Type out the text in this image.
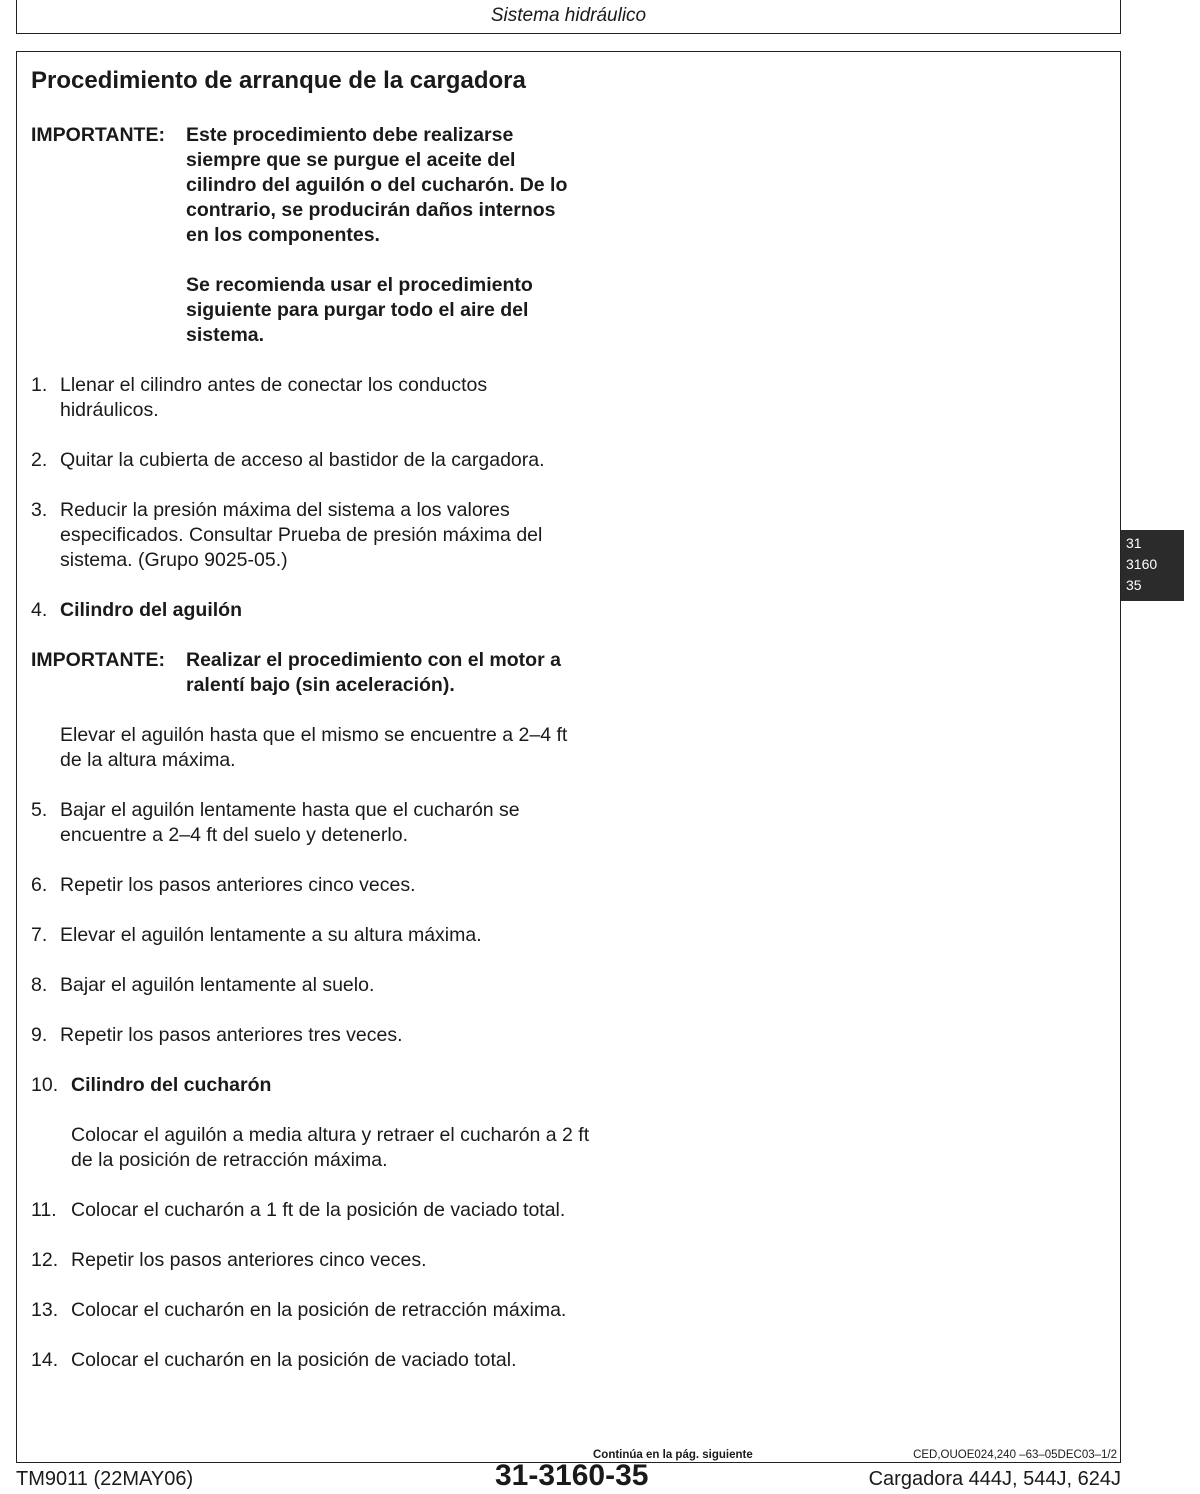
Sistema hidráulico
Procedimiento de arranque de la cargadora
IMPORTANTE:	Este procedimiento debe realizarse siempre que se purgue el aceite del cilindro del aguilón o del cucharón. De lo contrario, se producirán daños internos en los componentes.

Se recomienda usar el procedimiento siguiente para purgar todo el aire del sistema.

1. Llenar el cilindro antes de conectar los conductos hidráulicos.
2. Quitar la cubierta de acceso al bastidor de la cargadora.
3. Reducir la presión máxima del sistema a los valores especificados. Consultar Prueba de presión máxima del sistema. (Grupo 9025-05.)
4. Cilindro del aguilón
IMPORTANTE:	Realizar el procedimiento con el motor a ralentí bajo (sin aceleración).

Elevar el aguilón hasta que el mismo se encuentre a 2–4 ft de la altura máxima.

5. Bajar el aguilón lentamente hasta que el cucharón se encuentre a 2–4 ft del suelo y detenerlo.
6. Repetir los pasos anteriores cinco veces.
7. Elevar el aguilón lentamente a su altura máxima.
8. Bajar el aguilón lentamente al suelo.
9. Repetir los pasos anteriores tres veces.
10. Cilindro del cucharón

Colocar el aguilón a media altura y retraer el cucharón a 2 ft de la posición de retracción máxima.

11. Colocar el cucharón a 1 ft de la posición de vaciado total.
12. Repetir los pasos anteriores cinco veces.
13. Colocar el cucharón en la posición de retracción máxima.
14. Colocar el cucharón en la posición de vaciado total.
31
3160
35
Continúa en la pág. siguiente	CED,OUOE024,240 –63–05DEC03–1/2
TM9011 (22MAY06)	31-3160-35	Cargadora 444J, 544J, 624J
